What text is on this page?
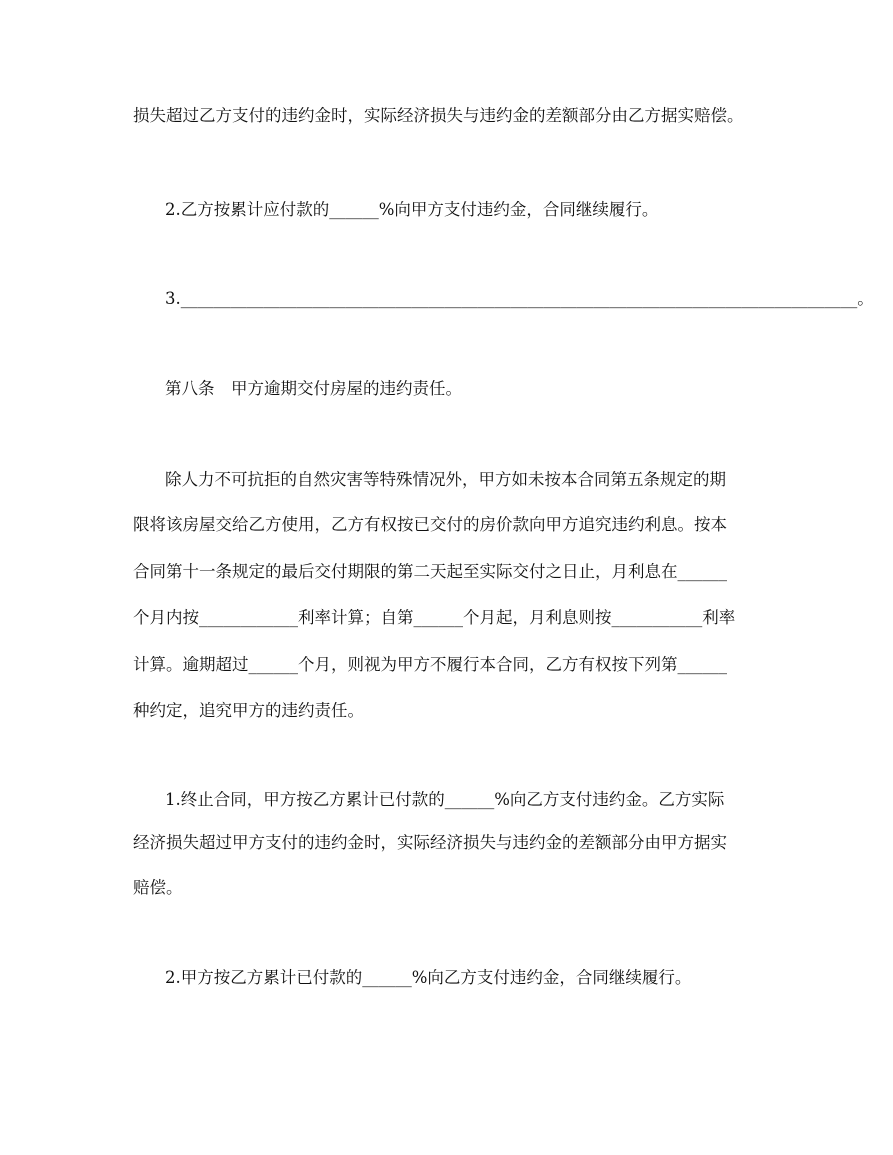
损失超过乙方支付的违约金时，实际经济损失与违约金的差额部分由乙方据实赔偿。
2.乙方按累计应付款的______%向甲方支付违约金，合同继续履行。
3.__________________________________________________________________________________。
第八条　甲方逾期交付房屋的违约责任。
除人力不可抗拒的自然灾害等特殊情况外，甲方如未按本合同第五条规定的期
限将该房屋交给乙方使用，乙方有权按已交付的房价款向甲方追究违约利息。按本
合同第十一条规定的最后交付期限的第二天起至实际交付之日止，月利息在______
个月内按____________利率计算；自第______个月起，月利息则按___________利率
计算。逾期超过______个月，则视为甲方不履行本合同，乙方有权按下列第______
种约定，追究甲方的违约责任。
1.终止合同，甲方按乙方累计已付款的______%向乙方支付违约金。乙方实际
经济损失超过甲方支付的违约金时，实际经济损失与违约金的差额部分由甲方据实
赔偿。
2.甲方按乙方累计已付款的______%向乙方支付违约金，合同继续履行。
